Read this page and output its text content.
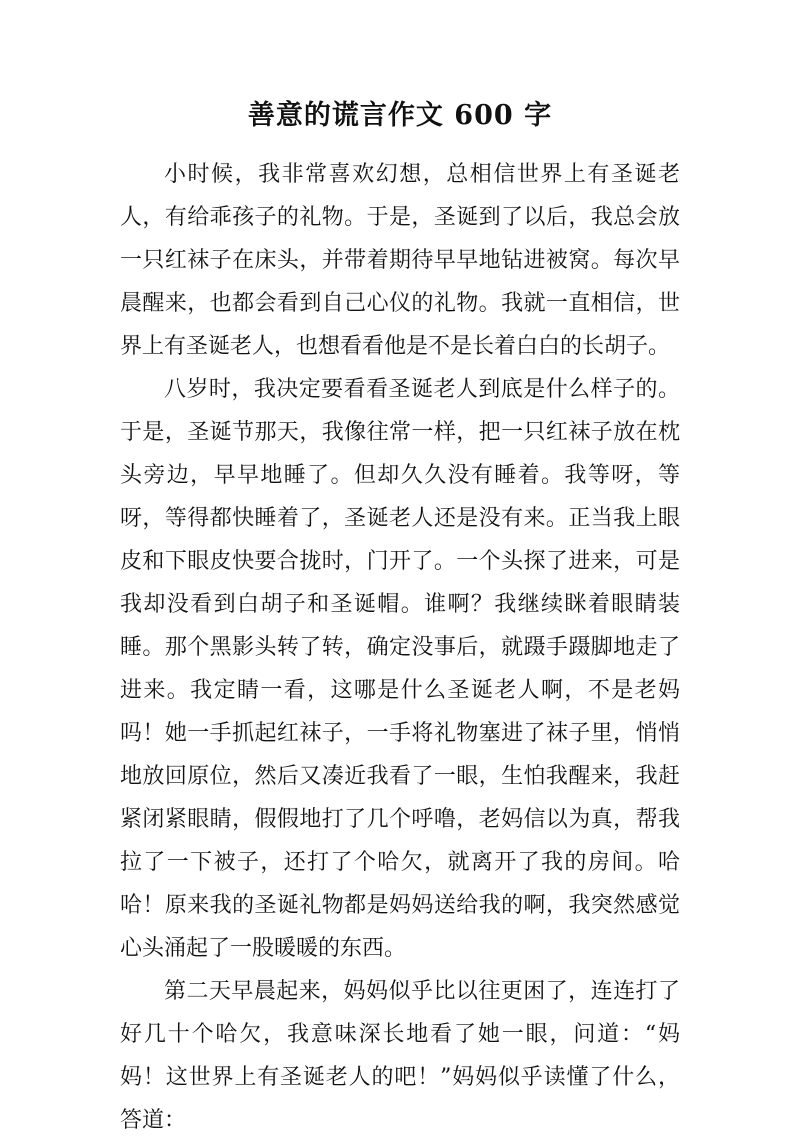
善意的谎言作文 600 字

小时候，我非常喜欢幻想，总相信世界上有圣诞老人，有给乖孩子的礼物。于是，圣诞到了以后，我总会放一只红袜子在床头，并带着期待早早地钻进被窝。每次早晨醒来，也都会看到自己心仪的礼物。我就一直相信，世界上有圣诞老人，也想看看他是不是长着白白的长胡子。

八岁时，我决定要看看圣诞老人到底是什么样子的。于是，圣诞节那天，我像往常一样，把一只红袜子放在枕头旁边，早早地睡了。但却久久没有睡着。我等呀，等呀，等得都快睡着了，圣诞老人还是没有来。正当我上眼皮和下眼皮快要合拢时，门开了。一个头探了进来，可是我却没看到白胡子和圣诞帽。谁啊？我继续眯着眼睛装睡。那个黑影头转了转，确定没事后，就蹑手蹑脚地走了进来。我定睛一看，这哪是什么圣诞老人啊，不是老妈吗！她一手抓起红袜子，一手将礼物塞进了袜子里，悄悄地放回原位，然后又凑近我看了一眼，生怕我醒来，我赶紧闭紧眼睛，假假地打了几个呼噜，老妈信以为真，帮我拉了一下被子，还打了个哈欠，就离开了我的房间。哈哈！原来我的圣诞礼物都是妈妈送给我的啊，我突然感觉心头涌起了一股暖暖的东西。

第二天早晨起来，妈妈似乎比以往更困了，连连打了好几十个哈欠，我意味深长地看了她一眼，问道：“妈妈！这世界上有圣诞老人的吧！”妈妈似乎读懂了什么，答道：
